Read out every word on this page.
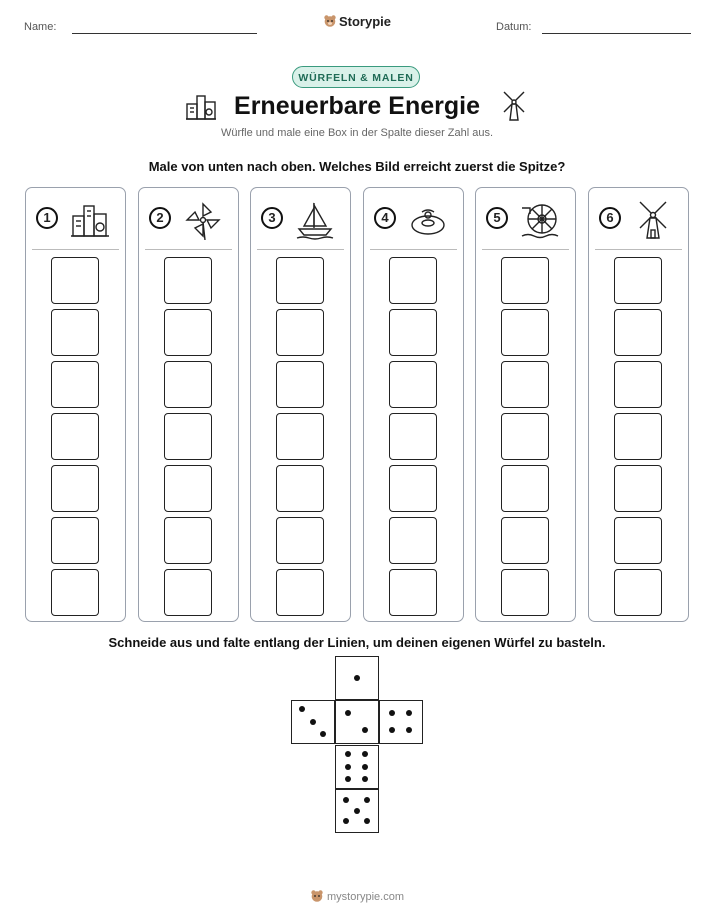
Name:	Storypie	Datum:
WÜRFELN & MALEN
Erneuerbare Energie
Würfle und male eine Box in der Spalte dieser Zahl aus.
Male von unten nach oben. Welches Bild erreicht zuerst die Spitze?
1	2	3	4	5	6
Schneide aus und falte entlang der Linien, um deinen eigenen Würfel zu basteln.
mystorypie.com
